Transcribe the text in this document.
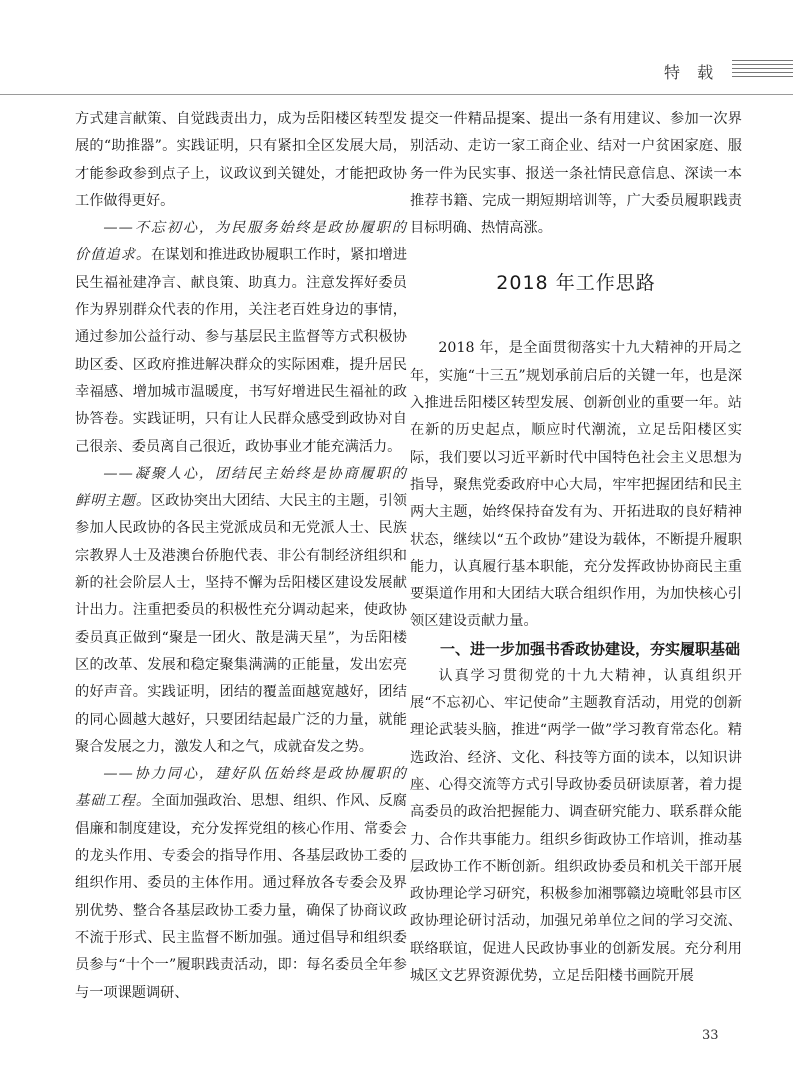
特 载

方式建言献策、自觉践责出力，成为岳阳楼区转型发展的“助推器”。实践证明，只有紧扣全区发展大局，才能参政参到点子上，议政议到关键处，才能把政协工作做得更好。

——不忘初心，为民服务始终是政协履职的价值追求。在谋划和推进政协履职工作时，紧扣增进民生福祉建净言、献良策、助真力。注意发挥好委员作为界别群众代表的作用，关注老百姓身边的事情，通过参加公益行动、参与基层民主监督等方式积极协助区委、区政府推进解决群众的实际困难，提升居民幸福感、增加城市温暖度，书写好增进民生福祉的政协答卷。实践证明，只有让人民群众感受到政协对自己很亲、委员离自己很近，政协事业才能充满活力。

——凝聚人心，团结民主始终是协商履职的鲜明主题。区政协突出大团结、大民主的主题，引领参加人民政协的各民主党派成员和无党派人士、民族宗教界人士及港澳台侨胞代表、非公有制经济组织和新的社会阶层人士，坚持不懈为岳阳楼区建设发展献计出力。注重把委员的积极性充分调动起来，使政协委员真正做到“聚是一团火、散是满天星”，为岳阳楼区的改革、发展和稳定聚集满满的正能量，发出宏亮的好声音。实践证明，团结的覆盖面越宽越好，团结的同心圆越大越好，只要团结起最广泛的力量，就能聚合发展之力，激发人和之气，成就奋发之势。

——协力同心，建好队伍始终是政协履职的基础工程。全面加强政治、思想、组织、作风、反腐倡廉和制度建设，充分发挥党组的核心作用、常委会的龙头作用、专委会的指导作用、各基层政协工委的组织作用、委员的主体作用。通过释放各专委会及界别优势、整合各基层政协工委力量，确保了协商议政不流于形式、民主监督不断加强。通过倡导和组织委员参与“十个一”履职践责活动，即：每名委员全年参与一项课题调研、

提交一件精品提案、提出一条有用建议、参加一次界别活动、走访一家工商企业、结对一户贫困家庭、服务一件为民实事、报送一条社情民意信息、深读一本推荐书籍、完成一期短期培训等，广大委员履职践责目标明确、热情高涨。

2018 年工作思路

2018 年，是全面贯彻落实十九大精神的开局之年，实施“十三五”规划承前启后的关键一年，也是深入推进岳阳楼区转型发展、创新创业的重要一年。站在新的历史起点，顺应时代潮流，立足岳阳楼区实际，我们要以习近平新时代中国特色社会主义思想为指导，聚焦党委政府中心大局，牢牢把握团结和民主两大主题，始终保持奋发有为、开拓进取的良好精神状态，继续以“五个政协”建设为载体，不断提升履职能力，认真履行基本职能，充分发挥政协协商民主重要渠道作用和大团结大联合组织作用，为加快核心引领区建设贡献力量。

一、进一步加强书香政协建设，夯实履职基础

认真学习贯彻党的十九大精神，认真组织开展“不忘初心、牢记使命”主题教育活动，用党的创新理论武装头脑，推进“两学一做”学习教育常态化。精选政治、经济、文化、科技等方面的读本，以知识讲座、心得交流等方式引导政协委员研读原著，着力提高委员的政治把握能力、调查研究能力、联系群众能力、合作共事能力。组织乡街政协工作培训，推动基层政协工作不断创新。组织政协委员和机关干部开展政协理论学习研究，积极参加湘鄂赣边境毗邻县市区政协理论研讨活动，加强兄弟单位之间的学习交流、联络联谊，促进人民政协事业的创新发展。充分利用城区文艺界资源优势，立足岳阳楼书画院开展

33
